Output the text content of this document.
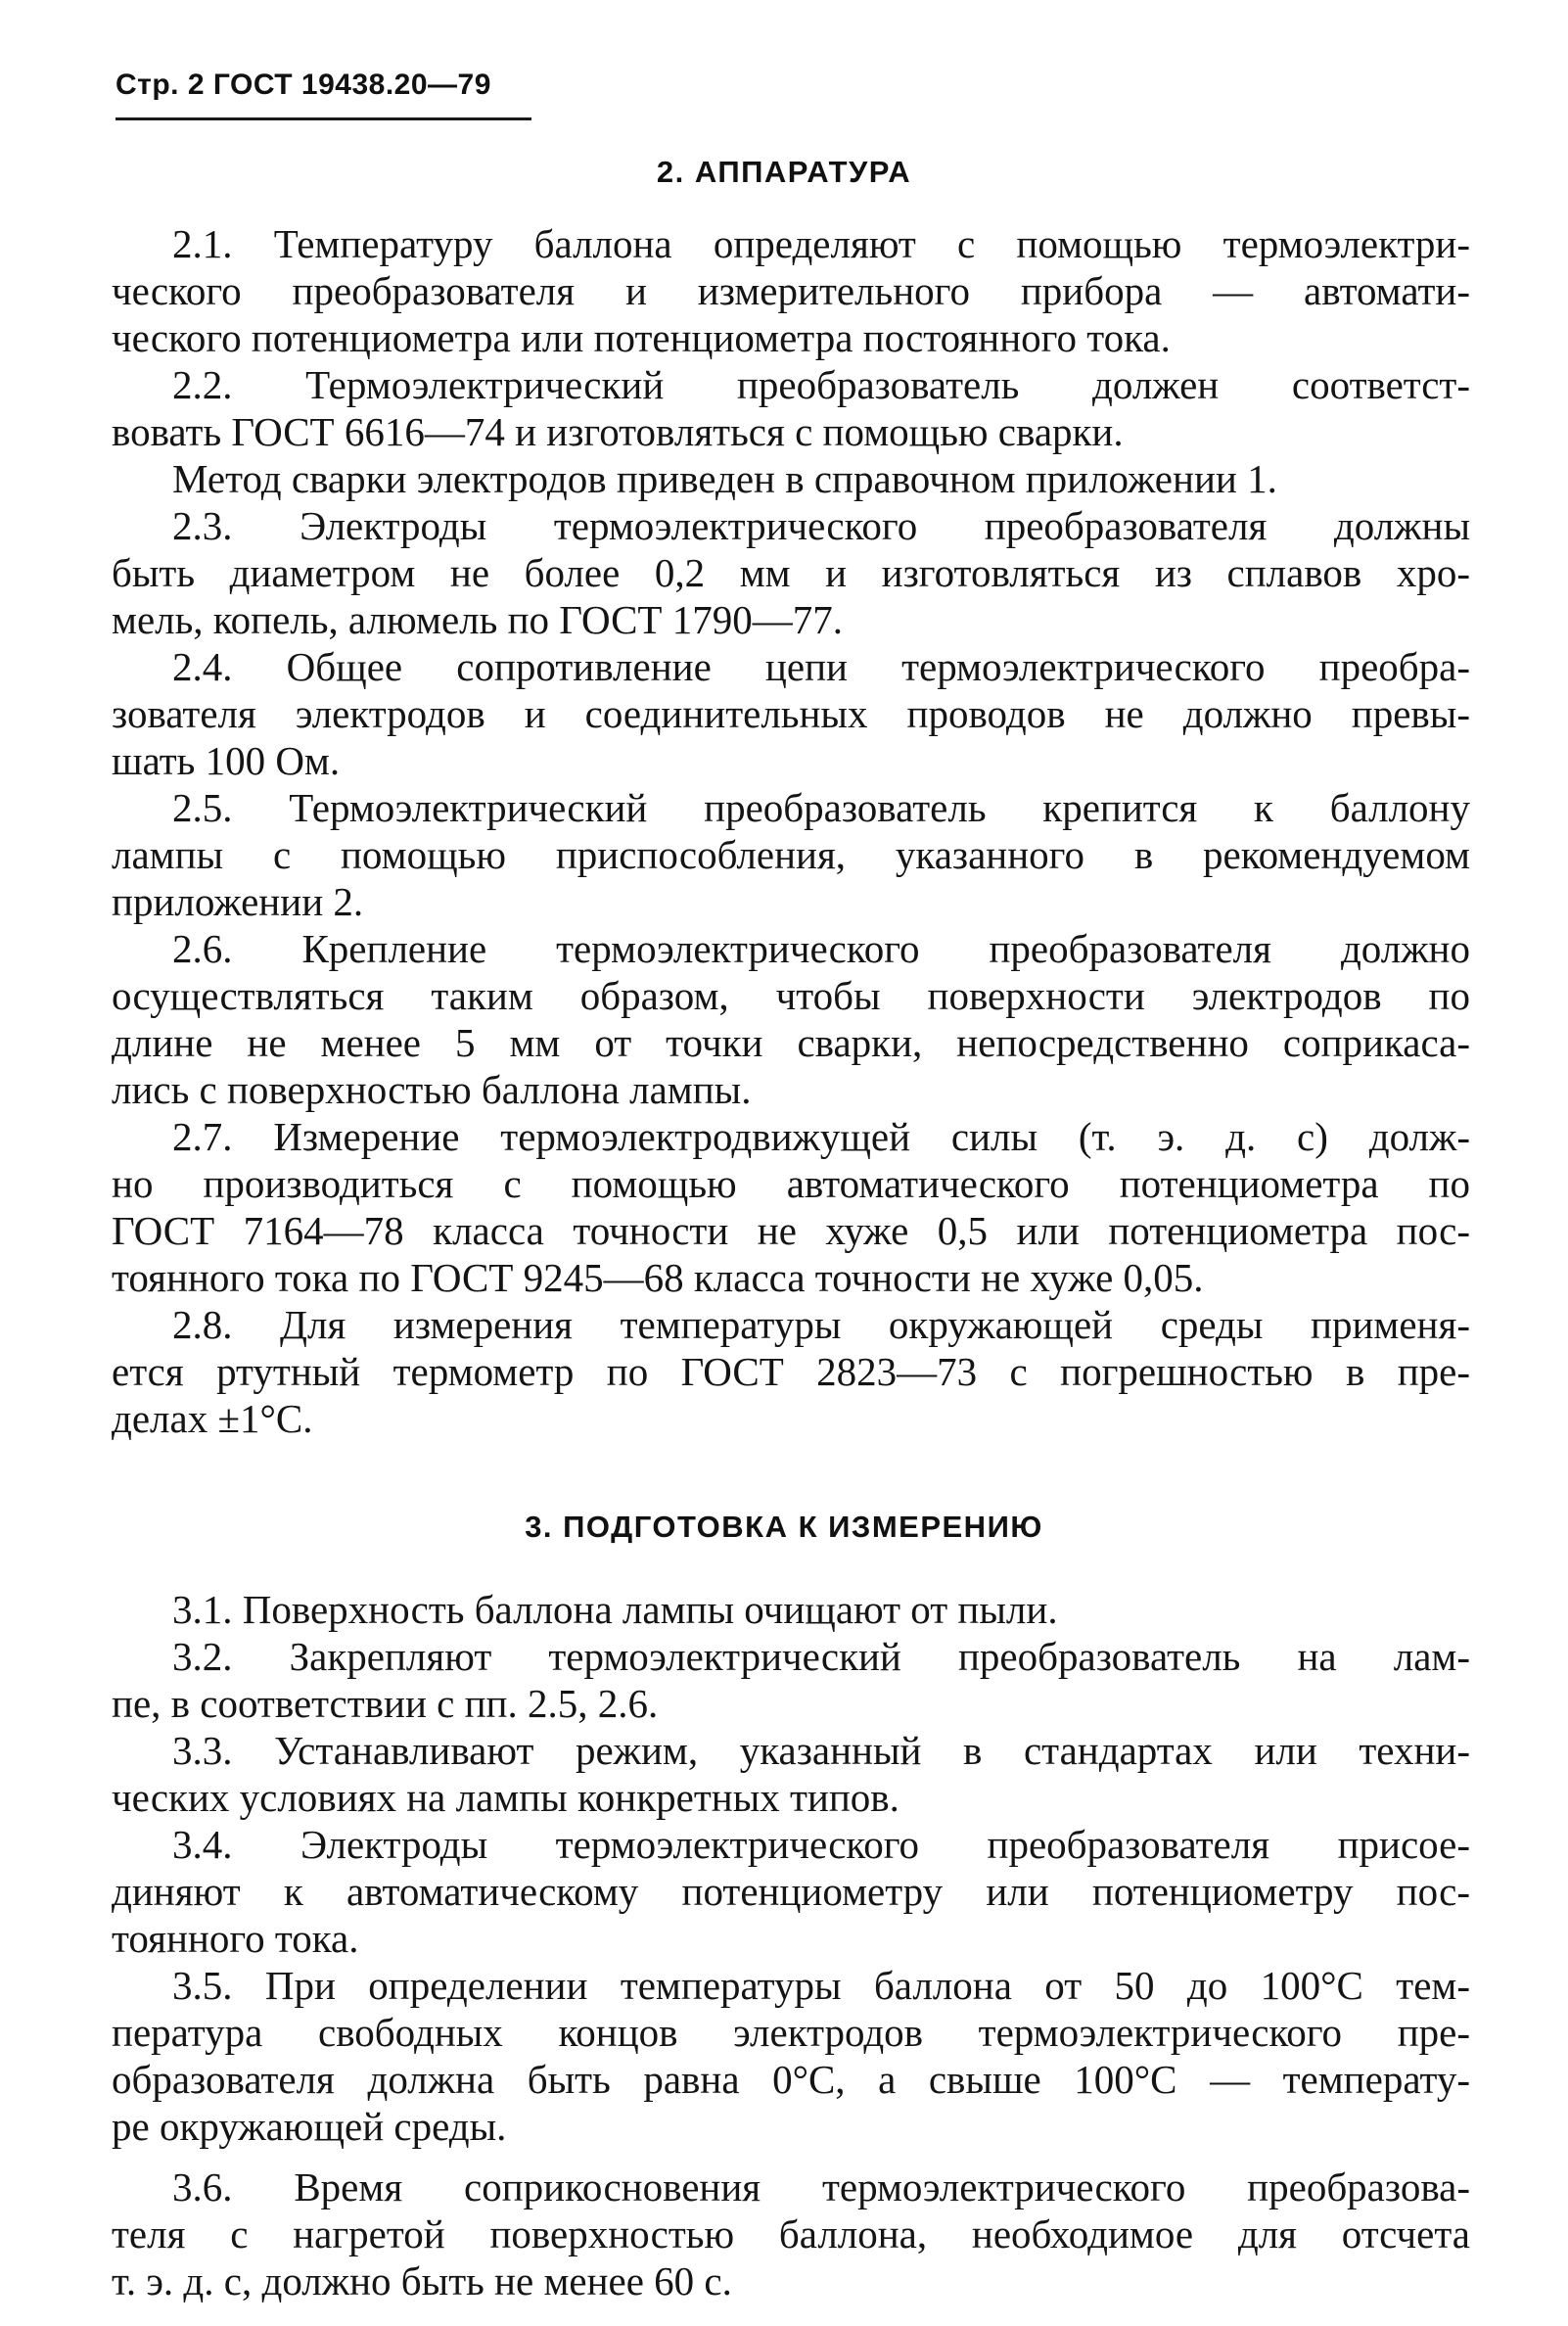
Стр. 2 ГОСТ 19438.20—79
2. АППАРАТУРА
2.1. Температуру баллона определяют с помощью термоэлектри-
ческого преобразователя и измерительного прибора — автомати-
ческого потенциометра или потенциометра постоянного тока.
2.2. Термоэлектрический преобразователь должен соответст-
вовать ГОСТ 6616—74 и изготовляться с помощью сварки.
Метод сварки электродов приведен в справочном приложении 1.
2.3. Электроды термоэлектрического преобразователя должны
быть диаметром не более 0,2 мм и изготовляться из сплавов хро-
мель, копель, алюмель по ГОСТ 1790—77.
2.4. Общее сопротивление цепи термоэлектрического преобра-
зователя электродов и соединительных проводов не должно превы-
шать 100 Ом.
2.5. Термоэлектрический преобразователь крепится к баллону
лампы с помощью приспособления, указанного в рекомендуемом
приложении 2.
2.6. Крепление термоэлектрического преобразователя должно
осуществляться таким образом, чтобы поверхности электродов по
длине не менее 5 мм от точки сварки, непосредственно соприкаса-
лись с поверхностью баллона лампы.
2.7. Измерение термоэлектродвижущей силы (т. э. д. с) долж-
но производиться с помощью автоматического потенциометра по
ГОСТ 7164—78 класса точности не хуже 0,5 или потенциометра пос-
тоянного тока по ГОСТ 9245—68 класса точности не хуже 0,05.
2.8. Для измерения температуры окружающей среды применя-
ется ртутный термометр по ГОСТ 2823—73 с погрешностью в пре-
делах ±1°С.
3. ПОДГОТОВКА К ИЗМЕРЕНИЮ
3.1. Поверхность баллона лампы очищают от пыли.
3.2. Закрепляют термоэлектрический преобразователь на лам-
пе, в соответствии с пп. 2.5, 2.6.
3.3. Устанавливают режим, указанный в стандартах или техни-
ческих условиях на лампы конкретных типов.
3.4. Электроды термоэлектрического преобразователя присое-
диняют к автоматическому потенциометру или потенциометру пос-
тоянного тока.
3.5. При определении температуры баллона от 50 до 100°С тем-
пература свободных концов электродов термоэлектрического пре-
образователя должна быть равна 0°С, а свыше 100°С — температу-
ре окружающей среды.
3.6. Время соприкосновения термоэлектрического преобразова-
теля с нагретой поверхностью баллона, необходимое для отсчета
т. э. д. с, должно быть не менее 60 с.
